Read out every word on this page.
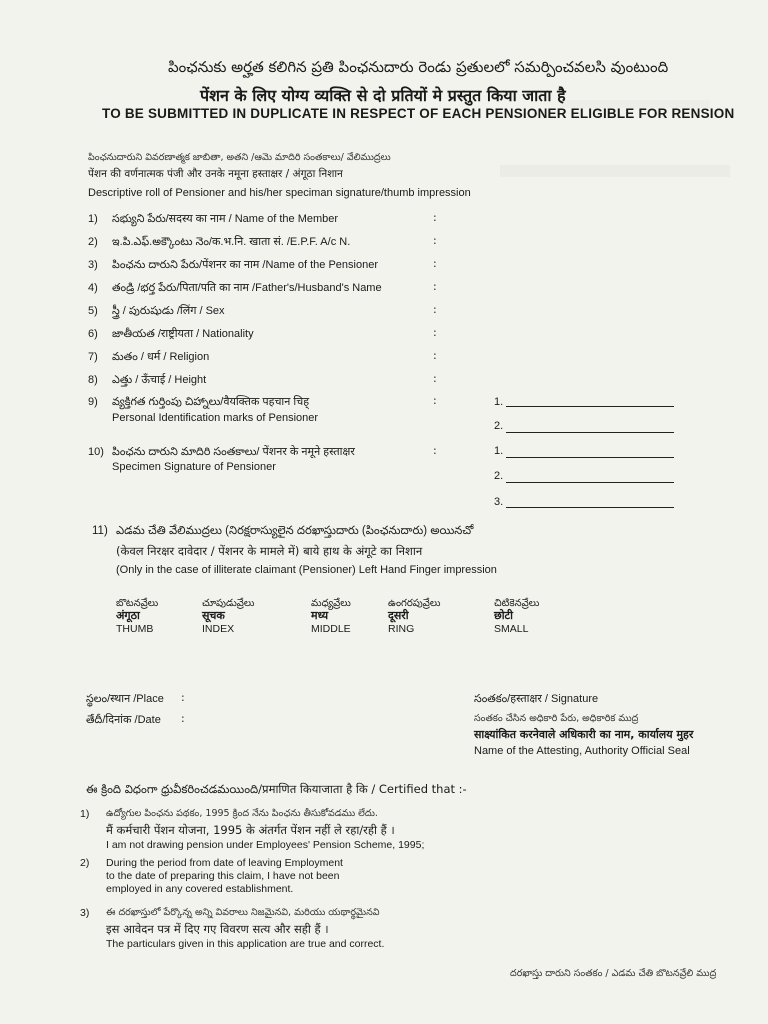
పింఛనుకు అర్హత కలిగిన ప్రతి పింఛనుదారు రెండు ప్రతులలో సమర్పించవలసి వుంటుంది
पेंशन के लिए योग्य व्यक्ति से दो प्रतियों मे प्रस्तुत किया जाता है
TO BE SUBMITTED IN DUPLICATE IN RESPECT OF EACH PENSIONER ELIGIBLE FOR RENSION
పింఛనుదారుని వివరణాత్మక జాబితా, అతని /ఆమె మాదిరి సంతకాలు/ వేలిముద్రలు
पेंशन की वर्णनात्मक पंजी और उनके नमूना हस्ताक्षर / अंगूठा निशान
Descriptive roll of Pensioner and his/her speciman signature/thumb impression
1) సభ్యుని పేరు/सदस्य का नाम / Name of the Member	:
2) ఇ.పి.ఎఫ్.అక్కౌంటు నెం/क.भ.नि. खाता सं. /E.P.F. A/c N.	:
3) పింఛను దారుని పేరు/पेंशनर का नाम /Name of the Pensioner	:
4) తండ్రి /భర్త పేరు/पिता/पति का नाम /Father's/Husband's Name	:
5) స్త్రీ / పురుషుడు /लिंग / Sex	:
6) జాతీయత /राष्ट्रीयता / Nationality	:
7) మతం / धर्म / Religion	:
8) ఎత్తు / ऊँचाई / Height	:
9) వ్యక్తిగత గుర్తింపు చిహ్నాలు/वैयक्तिक पहचान चिह्
Personal Identification marks of Pensioner
:	1.
2.
10) పింఛను దారుని మాదిరి సంతకాలు/ पेंशनर के नमूने हस्ताक्षर
Specimen Signature of Pensioner
:	1.
2.
3.
11) ఎడమ చేతి వేలిముద్రలు (నిరక్షరాస్యులైన దరఖాస్తుదారు (పింఛనుదారు) అయినచో
(केवल निरक्षर दावेदार / पेंशनर के मामले में) बाये हाथ के अंगूटे का निशान
(Only in the case of illiterate claimant (Pensioner) Left Hand Finger impression
బొటనవ్రేలు
अंगूठा
THUMB
చూపుడువ్రేలు
सूचक
INDEX
మధ్యవ్రేలు
मध्य
MIDDLE
ఉంగరపువ్రేలు
दूसरी
RING
చిటికెనవ్రేలు
छोटी
SMALL
స్థలం/स्थान /Place :
తేదీ/दिनांक /Date :
సంతకం/हस्ताक्षर / Signature
సంతకం చేసిన అధికారి పేరు, అధికారిక ముద్ర
साक्ष्यांकित करनेवाले अधिकारी का नाम, कार्यालय मुहर
Name of the Attesting, Authority Official Seal
ఈ క్రింది విధంగా ధ్రువీకరించడమయింది/प्रमाणित कियाजाता है कि / Certified that :-
1) ఉద్యోగుల పింఛను పథకం, 1995 క్రింద నేను పింఛను తీసుకోవడము లేదు.
मैं कर्मचारी पेंशन योजना, 1995 के अंतर्गत पेंशन नहीं ले रहा/रही हैं ।
I am not drawing pension under Employees' Pension Scheme, 1995;
2) During the period from date of leaving Employment
to the date of preparing this claim, I have not been
employed in any covered establishment.
3) ఈ దరఖాస్తులో పేర్కొన్న అన్ని వివరాలు నిజమైనవి, మరియు యథార్థమైనవి
इस आवेदन पत्र में दिए गए विवरण सत्य और सही हैं ।
The particulars given in this application are true and correct.
దరఖాస్తు దారుని సంతకం / ఎడమ చేతి బొటనవ్రేలి ముద్ర
